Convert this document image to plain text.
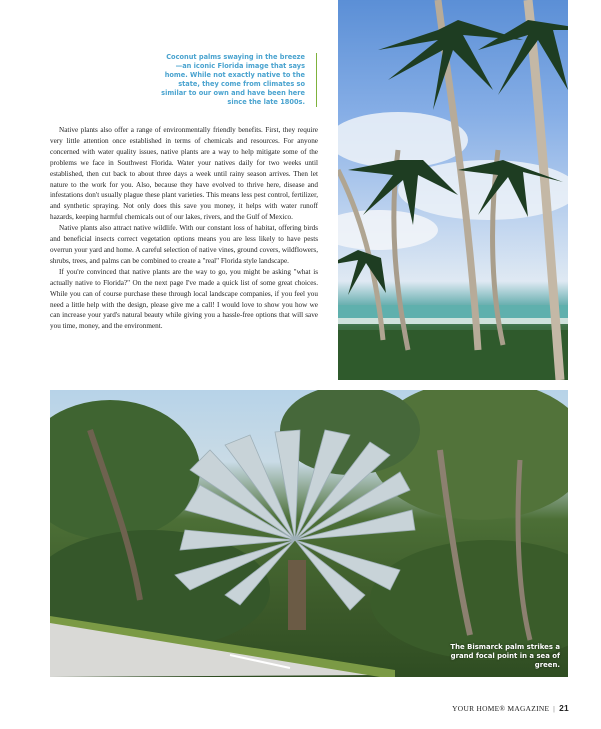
Coconut palms swaying in the breeze—an iconic Florida image that says home. While not exactly native to the state, they come from climates so similar to our own and have been here since the late 1800s.

Native plants also offer a range of environmentally friendly benefits. First, they require very little attention once established in terms of chemicals and resources. For anyone concerned with water quality issues, native plants are a way to help mitigate some of the problems we face in Southwest Florida. Water your natives daily for two weeks until established, then cut back to about three days a week until rainy season arrives. Then let nature to the work for you. Also, because they have evolved to thrive here, disease and infestations don't usually plague these plant varieties. This means less pest control, fertilizer, and synthetic spraying. Not only does this save you money, it helps with water runoff hazards, keeping harmful chemicals out of our lakes, rivers, and the Gulf of Mexico.

Native plants also attract native wildlife. With our constant loss of habitat, offering birds and beneficial insects correct vegetation options means you are less likely to have pests overrun your yard and home. A careful selection of native vines, ground covers, wildflowers, shrubs, trees, and palms can be combined to create a "real" Florida style landscape.

If you're convinced that native plants are the way to go, you might be asking "what is actually native to Florida?" On the next page I've made a quick list of some great choices. While you can of course purchase these through local landscape companies, if you feel you need a little help with the design, please give me a call! I would love to show you how we can increase your yard's natural beauty while giving you a hassle-free options that will save you time, money, and the environment.

The Bismarck palm strikes a grand focal point in a sea of green.
YOUR HOME® MAGAZINE | 21
